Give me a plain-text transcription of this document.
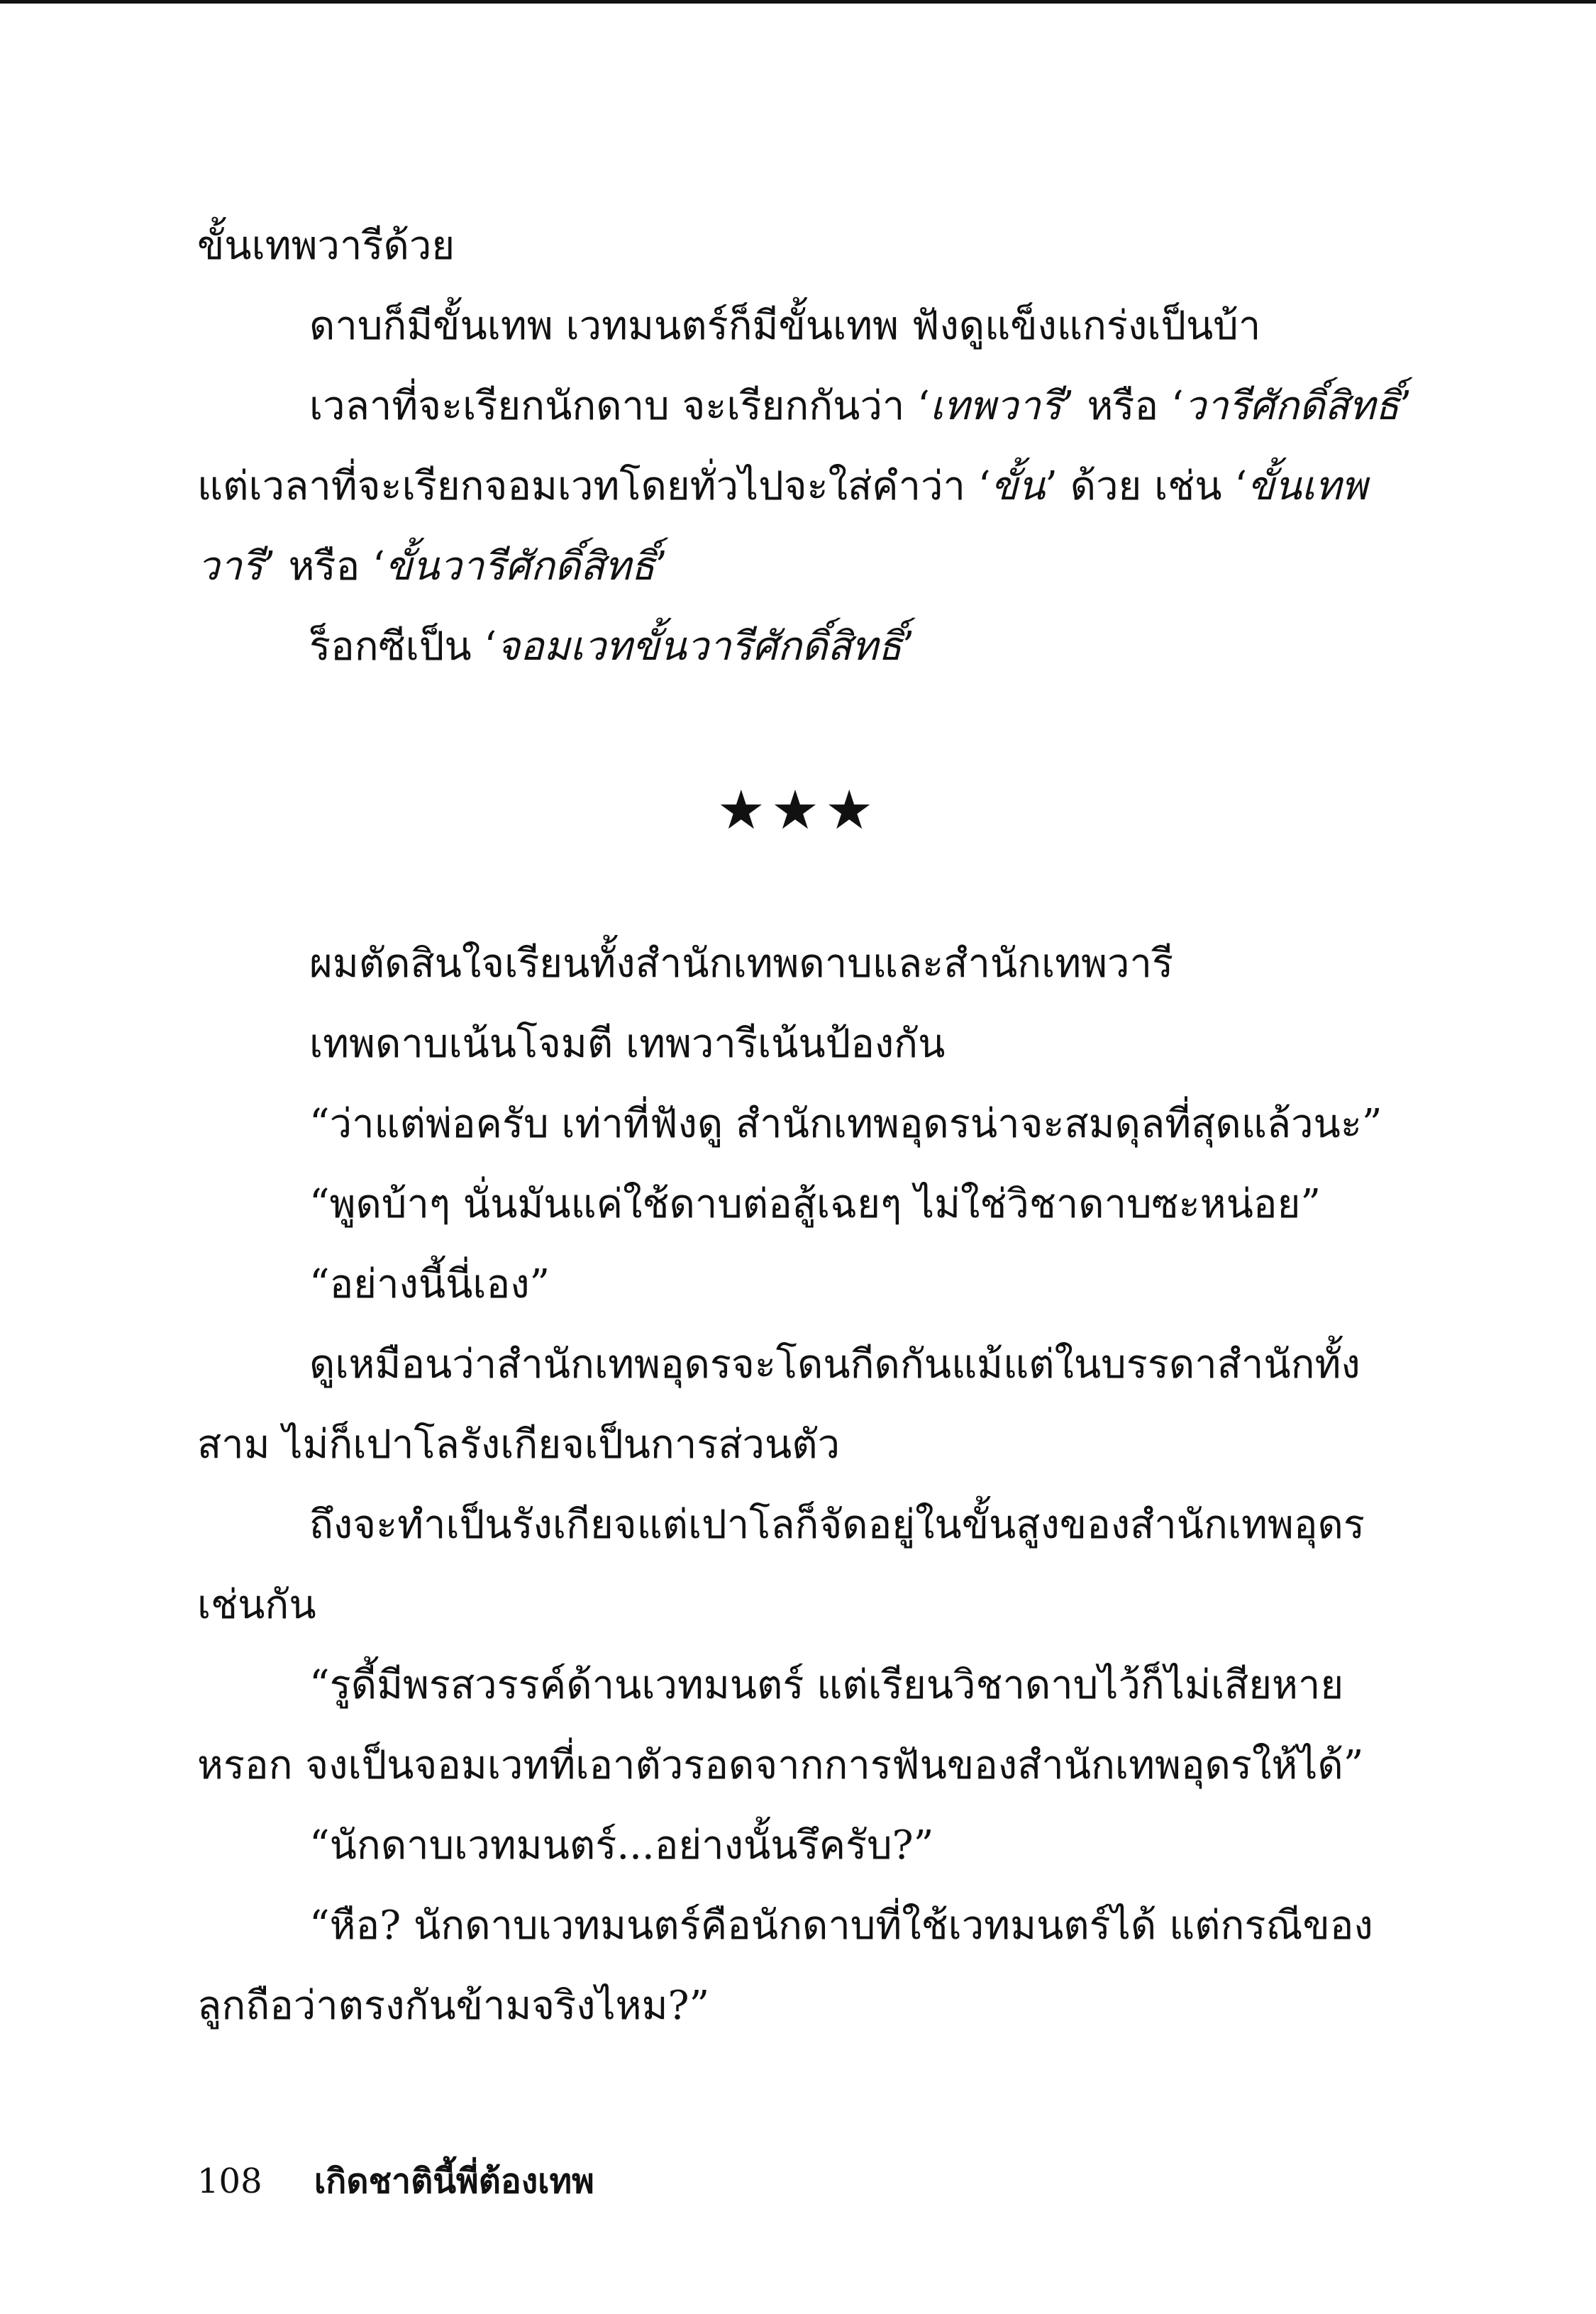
ขั้นเทพวารีด้วย
ดาบก็มีขั้นเทพ เวทมนตร์ก็มีขั้นเทพ ฟังดูแข็งแกร่งเป็นบ้า
เวลาที่จะเรียกนักดาบ จะเรียกกันว่า ‘เทพวารี’ หรือ ‘วารีศักดิ์สิทธิ์’
แต่เวลาที่จะเรียกจอมเวทโดยทั่วไปจะใส่คำว่า ‘ขั้น’ ด้วย เช่น ‘ขั้นเทพ
วารี’ หรือ ‘ขั้นวารีศักดิ์สิทธิ์’
ร็อกซีเป็น ‘จอมเวทขั้นวารีศักดิ์สิทธิ์’
★★★
ผมตัดสินใจเรียนทั้งสำนักเทพดาบและสำนักเทพวารี
เทพดาบเน้นโจมตี เทพวารีเน้นป้องกัน
“ว่าแต่พ่อครับ เท่าที่ฟังดู สำนักเทพอุดรน่าจะสมดุลที่สุดแล้วนะ”
“พูดบ้าๆ นั่นมันแค่ใช้ดาบต่อสู้เฉยๆ ไม่ใช่วิชาดาบซะหน่อย”
“อย่างนี้นี่เอง”
ดูเหมือนว่าสำนักเทพอุดรจะโดนกีดกันแม้แต่ในบรรดาสำนักทั้ง
สาม ไม่ก็เปาโลรังเกียจเป็นการส่วนตัว
ถึงจะทำเป็นรังเกียจแต่เปาโลก็จัดอยู่ในขั้นสูงของสำนักเทพอุดร
เช่นกัน
“รูดี้มีพรสวรรค์ด้านเวทมนตร์ แต่เรียนวิชาดาบไว้ก็ไม่เสียหาย
หรอก จงเป็นจอมเวทที่เอาตัวรอดจากการฟันของสำนักเทพอุดรให้ได้”
“นักดาบเวทมนตร์...อย่างนั้นรึครับ?”
“หือ? นักดาบเวทมนตร์คือนักดาบที่ใช้เวทมนตร์ได้ แต่กรณีของ
ลูกถือว่าตรงกันข้ามจริงไหม?”
108 เกิดชาตินี้พี่ต้องเทพ
